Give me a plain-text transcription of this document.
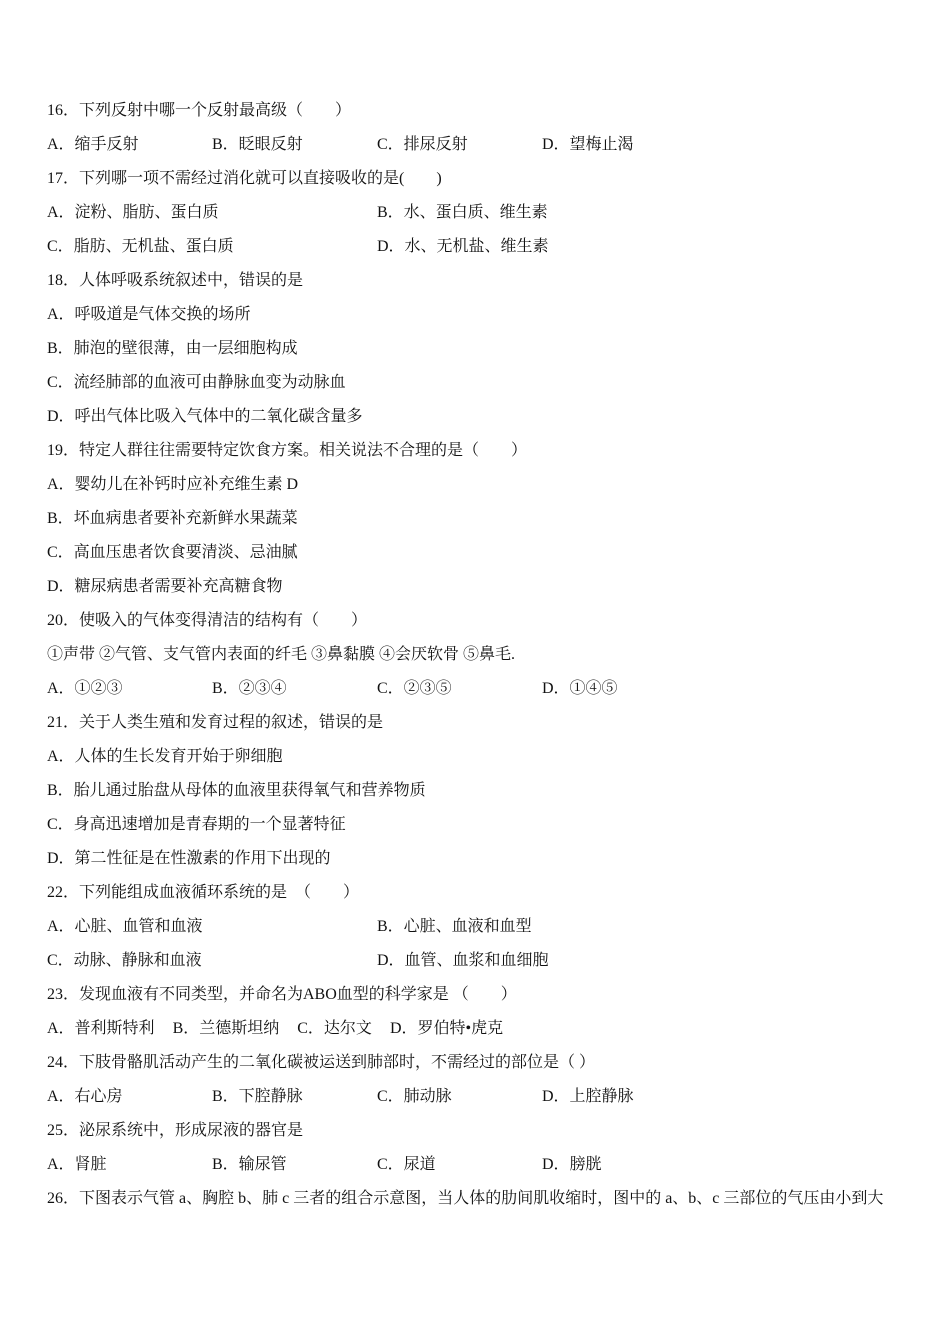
16．下列反射中哪一个反射最高级（　　）
A．缩手反射	B．眨眼反射	C．排尿反射	D．望梅止渴
17．下列哪一项不需经过消化就可以直接吸收的是(　　)
A．淀粉、脂肪、蛋白质	B．水、蛋白质、维生素
C．脂肪、无机盐、蛋白质	D．水、无机盐、维生素
18．人体呼吸系统叙述中，错误的是
A．呼吸道是气体交换的场所
B．肺泡的壁很薄，由一层细胞构成
C．流经肺部的血液可由静脉血变为动脉血
D．呼出气体比吸入气体中的二氧化碳含量多
19．特定人群往往需要特定饮食方案。相关说法不合理的是（　　）
A．婴幼儿在补钙时应补充维生素 D
B．坏血病患者要补充新鲜水果蔬菜
C．高血压患者饮食要清淡、忌油腻
D．糖尿病患者需要补充高糖食物
20．使吸入的气体变得清洁的结构有（　　）
①声带 ②气管、支气管内表面的纤毛 ③鼻黏膜 ④会厌软骨 ⑤鼻毛.
A．①②③	B．②③④	C．②③⑤	D．①④⑤
21．关于人类生殖和发育过程的叙述，错误的是
A．人体的生长发育开始于卵细胞
B．胎儿通过胎盘从母体的血液里获得氧气和营养物质
C．身高迅速增加是青春期的一个显著特征
D．第二性征是在性激素的作用下出现的
22．下列能组成血液循环系统的是　（　　）
A．心脏、血管和血液	B．心脏、血液和血型
C．动脉、静脉和血液	D．血管、血浆和血细胞
23．发现血液有不同类型，并命名为ABO血型的科学家是 （　　）
A．普利斯特利 B．兰德斯坦纳 C．达尔文 D．罗伯特•虎克
24．下肢骨骼肌活动产生的二氧化碳被运送到肺部时，不需经过的部位是（ ）
A．右心房	B．下腔静脉	C．肺动脉	D．上腔静脉
25．泌尿系统中，形成尿液的器官是
A．肾脏	B．输尿管	C．尿道	D．膀胱
26．下图表示气管 a、胸腔 b、肺 c 三者的组合示意图，当人体的肋间肌收缩时，图中的 a、b、c 三部位的气压由小到大
